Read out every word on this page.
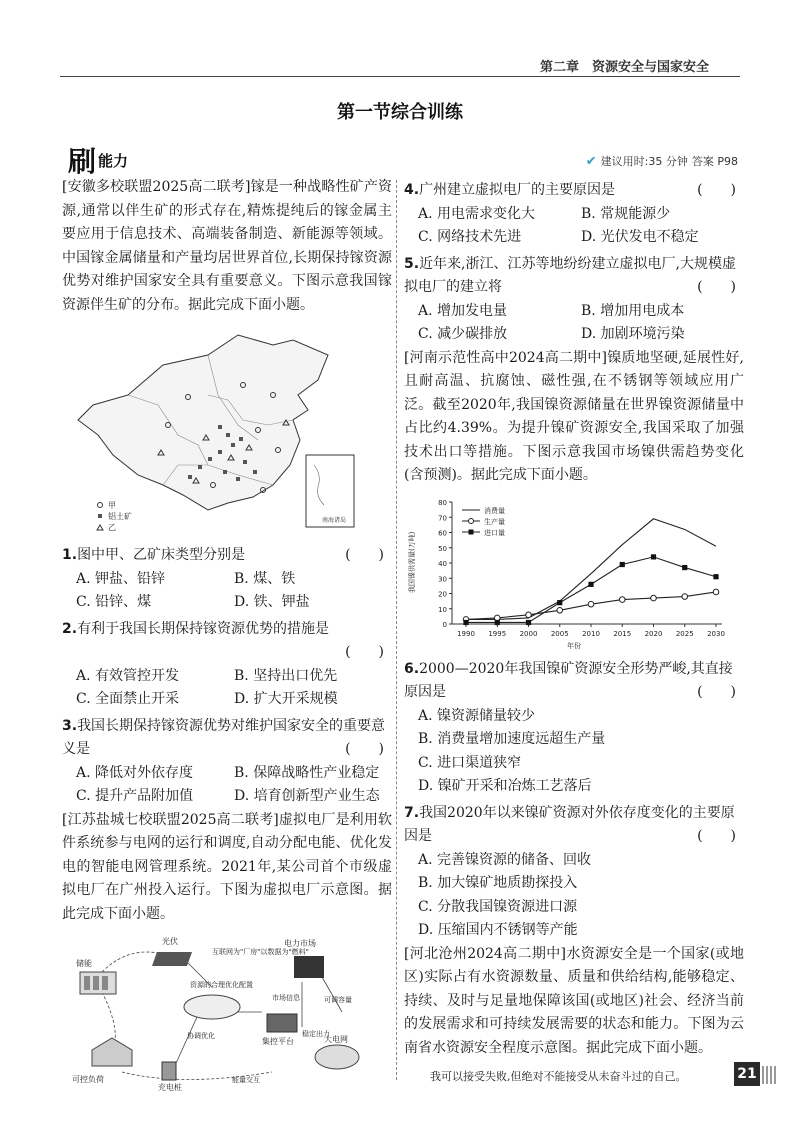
第二章　资源安全与国家安全
第一节综合训练
刷 能力	✔ 建议用时:35 分钟 答案 P98

[安徽多校联盟2025高二联考]镓是一种战略性矿产资源,通常以伴生矿的形式存在,精炼提纯后的镓金属主要应用于信息技术、高端装备制造、新能源等领域。中国镓金属储量和产量均居世界首位,长期保持镓资源优势对维护国家安全具有重要意义。下图示意我国镓资源伴生矿的分布。据此完成下面小题。

甲
铝土矿
乙
南海诸岛
1.图中甲、乙矿床类型分别是	(　　)
A. 钾盐、铅锌	B. 煤、铁
C. 铅锌、煤	D. 铁、钾盐
2.有利于我国长期保持镓资源优势的措施是
(　　)
A. 有效管控开发	B. 坚持出口优先
C. 全面禁止开采	D. 扩大开采规模
3.我国长期保持镓资源优势对维护国家安全的重要意义是	(　　)
A. 降低对外依存度	B. 保障战略性产业稳定
C. 提升产品附加值	D. 培育创新型产业生态

[江苏盐城七校联盟2025高二联考]虚拟电厂是利用软件系统参与电网的运行和调度,自动分配电能、优化发电的智能电网管理系统。2021年,某公司首个市级虚拟电厂在广州投入运行。下图为虚拟电厂示意图。据此完成下面小题。

储能
光伏
互联网为"厂房"以数据为"燃料"
资源的合理优化配置
电力市场
市场信息	可调容量
集控平台
稳定出力
协调优化	大电网
可控负荷
充电桩
能量交互
4.广州建立虚拟电厂的主要原因是	(　　)
A. 用电需求变化大	B. 常规能源少
C. 网络技术先进	D. 光伏发电不稳定
5.近年来,浙江、江苏等地纷纷建立虚拟电厂,大规模虚拟电厂的建立将	(　　)
A. 增加发电量	B. 增加用电成本
C. 减少碳排放	D. 加剧环境污染

[河南示范性高中2024高二期中]镍质地坚硬,延展性好,且耐高温、抗腐蚀、磁性强,在不锈钢等领域应用广泛。截至2020年,我国镍资源储量在世界镍资源储量中占比约4.39%。为提升镍矿资源安全,我国采取了加强技术出口等措施。下图示意我国市场镍供需趋势变化(含预测)。据此完成下面小题。

0
10
20
30
40
50
60
70
80
1990 1995 2000 2005 2010 2015 2020 2025 2030
年份
我国镍供需量(万吨)
消费量
生产量
进口量
6.2000—2020年我国镍矿资源安全形势严峻,其直接原因是	(　　)
A. 镍资源储量较少
B. 消费量增加速度远超生产量
C. 进口渠道狭窄
D. 镍矿开采和冶炼工艺落后
7.我国2020年以来镍矿资源对外依存度变化的主要原因是	(　　)
A. 完善镍资源的储备、回收
B. 加大镍矿地质勘探投入
C. 分散我国镍资源进口源
D. 压缩国内不锈钢等产能

[河北沧州2024高二期中]水资源安全是一个国家(或地区)实际占有水资源数量、质量和供给结构,能够稳定、持续、及时与足量地保障该国(或地区)社会、经济当前的发展需求和可持续发展需要的状态和能力。下图为云南省水资源安全程度示意图。据此完成下面小题。

我可以接受失败,但绝对不能接受从未奋斗过的自己。	21
